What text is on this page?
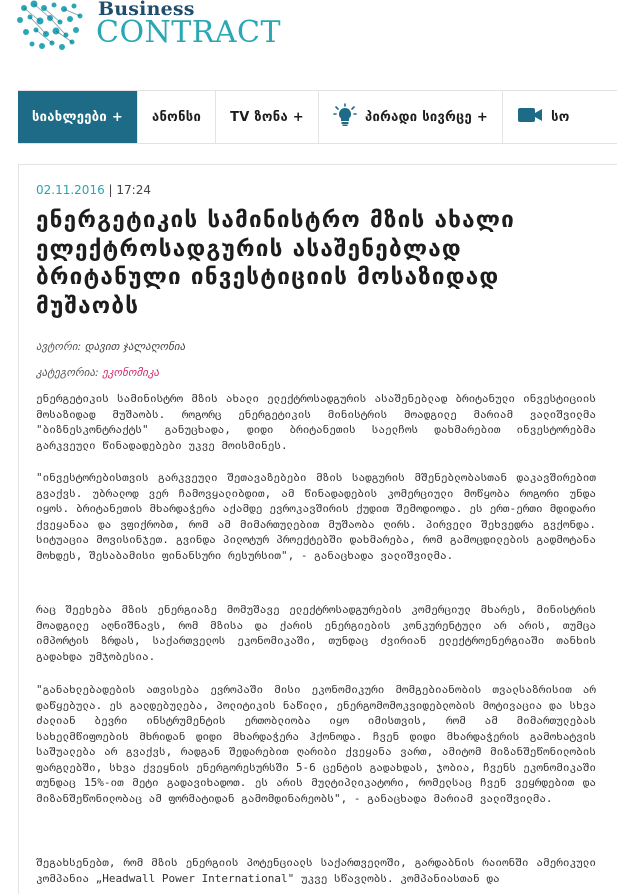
Business
CONTRACT
სიახლეები + ანონსი TV ზონა +	პირადი სივრცე +	სო
02.11.2016 | 17:24
ენერგეტიკის სამინისტრო მზის ახალი ელექტროსადგურის ასაშენებლად ბრიტანული ინვესტიციის მოსაზიდად მუშაობს
ავტორი: დავით ჯალაღონია
კატეგორია: ეკონომიკა

ენერგეტიკის სამინისტრო მზის ახალი ელექტროსადგურის ასაშენებლად ბრიტანული ინვესტიციის მოსაზიდად მუშაობს. როგორც ენერგეტიკის მინისტრის მოადგილე მარიამ ვალიშვილმა "ბიზნესკონტრაქტს" განუცხადა, დიდი ბრიტანეთის საელჩოს დახმარებით ინვესტორებმა გარკვეული წინადადებები უკვე მოისმინეს.

"ინვესტორებისთვის გარკვეული შეთავაზებები მზის სადგურის მშენებლობასთან დაკავშირებით გვაქვს. უბრალოდ ვერ ჩამოვყალიბდით, ამ წინადადების კომერციული მოწყობა როგორი უნდა იყოს. ბრიტანეთის მხარდაჭერა აქამდე ევროკავშირის ქუდით შემოდიოდა. ეს ერთ-ერთი მდიდარი ქვეყანაა და ვფიქრობთ, რომ ამ მიმართულებით მუშაობა ღირს. პირველი შეხვედრა გვქონდა. სიტუაცია მოვისინჯეთ. გვინდა პილოტურ პროექტებში დახმარება, რომ გამოცდილების გადმოტანა მოხდეს, შესაბამისი ფინანსური რესურსით", - განაცხადა ვალიშვილმა.

რაც შეეხება მზის ენერგიაზე მომუშავე ელექტროსადგურების კომერციულ მხარეს, მინისტრის მოადგილე აღნიშნავს, რომ მზისა და ქარის ენერგიების კონკურენტული არ არის, თუმცა იმპორტის ზრდას, საქართველოს ეკონომიკაში, თუნდაც ძვირიან ელექტროენერგიაში თანხის გადახდა უმჯობესია.

"განახლებადების ათვისება ევროპაში მისი ეკონომიკური მომგებიანობის თვალსაზრისით არ დაწყებულა. ეს გალდებულება, პოლიტიკის ნაწილი, ენერგომომოკვიდებლობის მოტივაცია და სხვა ძალიან ბევრი ინსტრუმენტის ერთობლიობა იყო იმისთვის, რომ ამ მიმართულებას სახელმწიფოების მხრიდან დიდი მხარდაჭერა ჰქონოდა. ჩვენ დიდი მხარდაჭერის გამოხატვის საშუალება არ გვაქვს, რადგან შედარებით ღარიბი ქვეყანა ვართ, ამიტომ მიზანშეწონილობის ფარგლებში, სხვა ქვეყნის ენერგორესურსში 5-6 ცენტის გადახდას, ჯობია, ჩვენს ეკონომიკაში თუნდაც 15%-ით მეტი გადავიხადოთ. ეს არის მულტიპლიკატორი, რომელსაც ჩვენ ვეყრდებით და მიზანშეწონილობაც ამ ფორმატიდან გამომდინარეობს", - განაცხადა მარიამ ვალიშვილმა.

შეგახსენებთ, რომ მზის ენერგიის პოტენციალს საქართველოში, გარდაბნის რაიონში ამერიკული კომპანია „Headwall Power International" უკვე სწავლობს. კომპანიასთან და
